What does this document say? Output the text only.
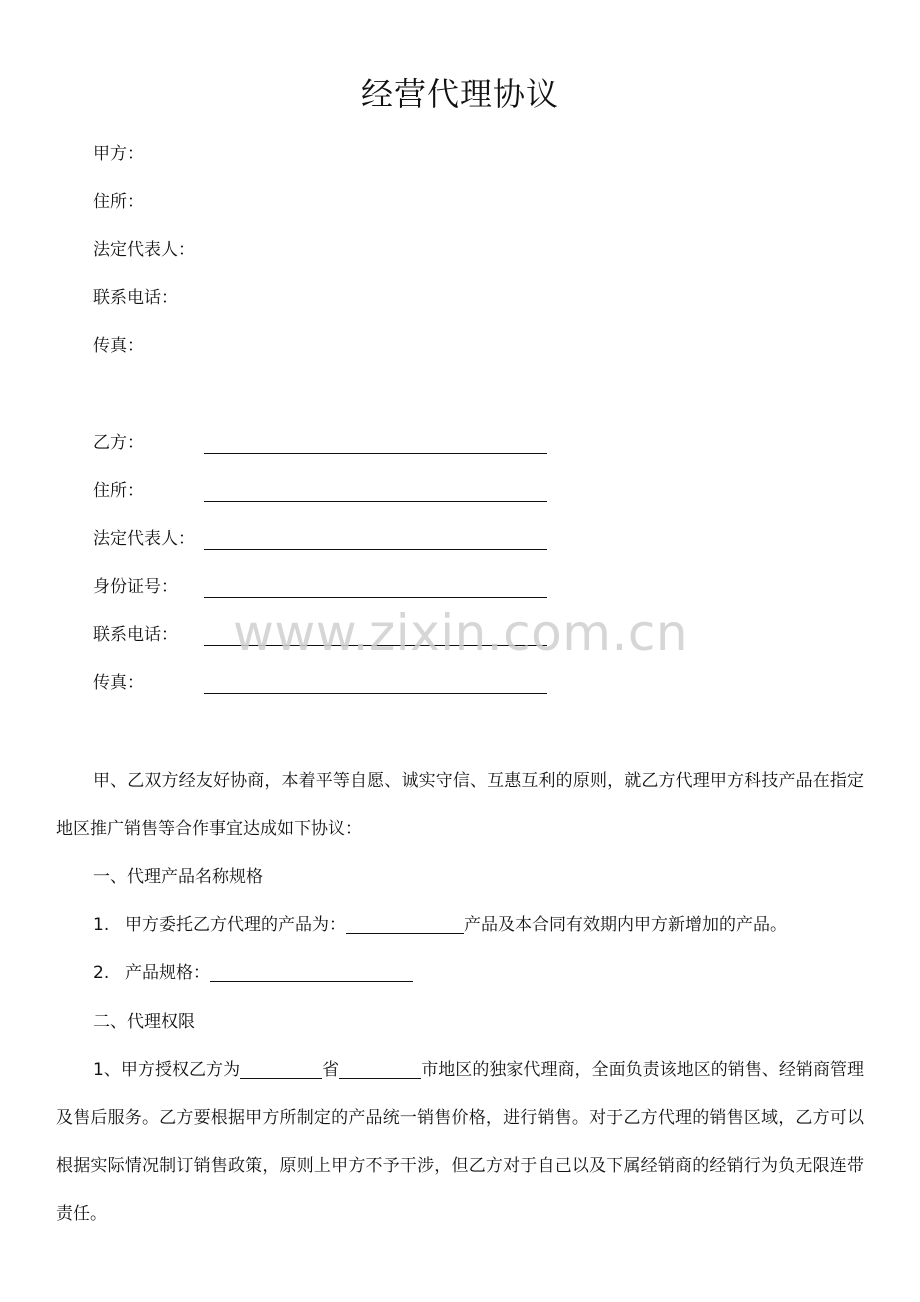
经营代理协议
甲方：
住所：
法定代表人：
联系电话：
传真：
乙方：
住所：
法定代表人：
身份证号：
联系电话：
传真：
甲、乙双方经友好协商，本着平等自愿、诚实守信、互惠互利的原则，就乙方代理甲方科技产品在指定地区推广销售等合作事宜达成如下协议：
一、代理产品名称规格
1. 甲方委托乙方代理的产品为：	产品及本合同有效期内甲方新增加的产品。
2. 产品规格：
二、代理权限
1、甲方授权乙方为	省	市地区的独家代理商，全面负责该地区的销售、经销商管理及售后服务。乙方要根据甲方所制定的产品统一销售价格，进行销售。对于乙方代理的销售区域，乙方可以根据实际情况制订销售政策，原则上甲方不予干涉，但乙方对于自己以及下属经销商的经销行为负无限连带责任。
www.zixin.com.cn
